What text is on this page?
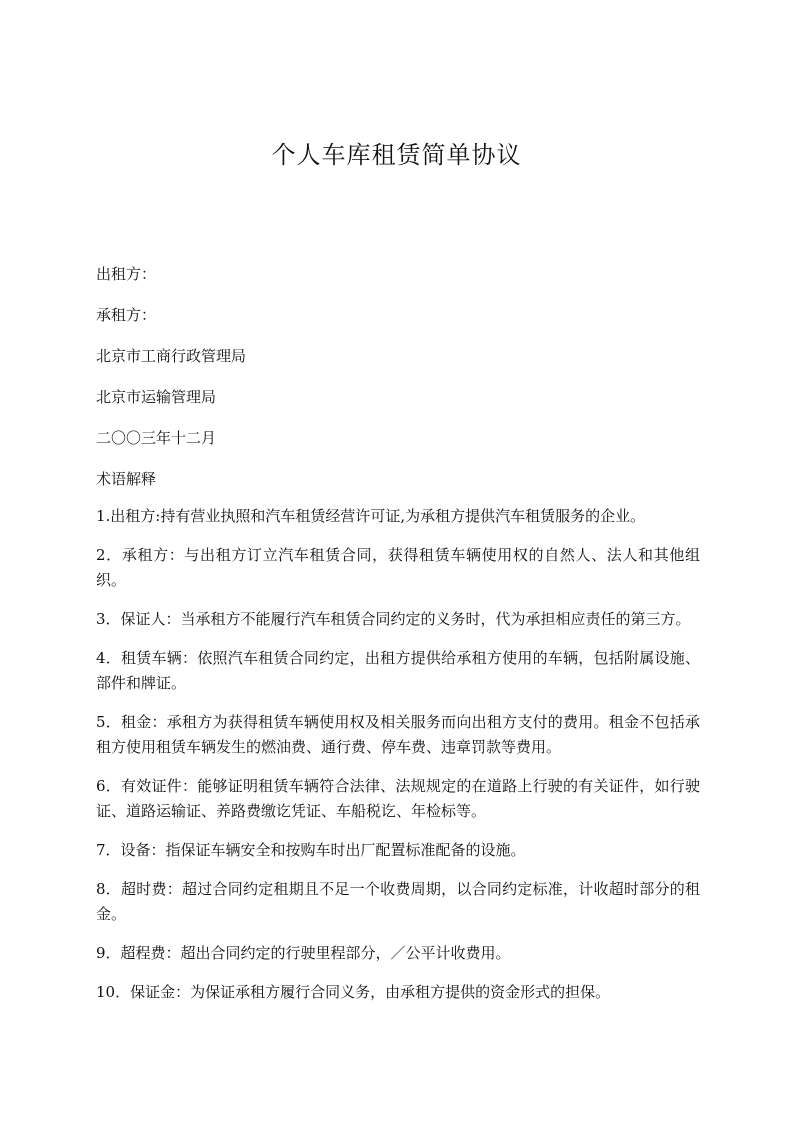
个人车库租赁简单协议

出租方：

承租方：

北京市工商行政管理局

北京市运输管理局

二〇〇三年十二月

术语解释

1.出租方:持有营业执照和汽车租赁经营许可证,为承租方提供汽车租赁服务的企业。

2．承租方：与出租方订立汽车租赁合同，获得租赁车辆使用权的自然人、法人和其他组织。

3．保证人：当承租方不能履行汽车租赁合同约定的义务时，代为承担相应责任的第三方。

4．租赁车辆：依照汽车租赁合同约定，出租方提供给承租方使用的车辆，包括附属设施、部件和牌证。

5．租金：承租方为获得租赁车辆使用权及相关服务而向出租方支付的费用。租金不包括承租方使用租赁车辆发生的燃油费、通行费、停车费、违章罚款等费用。

6．有效证件：能够证明租赁车辆符合法律、法规规定的在道路上行驶的有关证件，如行驶证、道路运输证、养路费缴讫凭证、车船税讫、年检标等。

7．设备：指保证车辆安全和按购车时出厂配置标准配备的设施。

8．超时费：超过合同约定租期且不足一个收费周期，以合同约定标准，计收超时部分的租金。

9．超程费：超出合同约定的行驶里程部分，／公平计收费用。

10．保证金：为保证承租方履行合同义务，由承租方提供的资金形式的担保。
